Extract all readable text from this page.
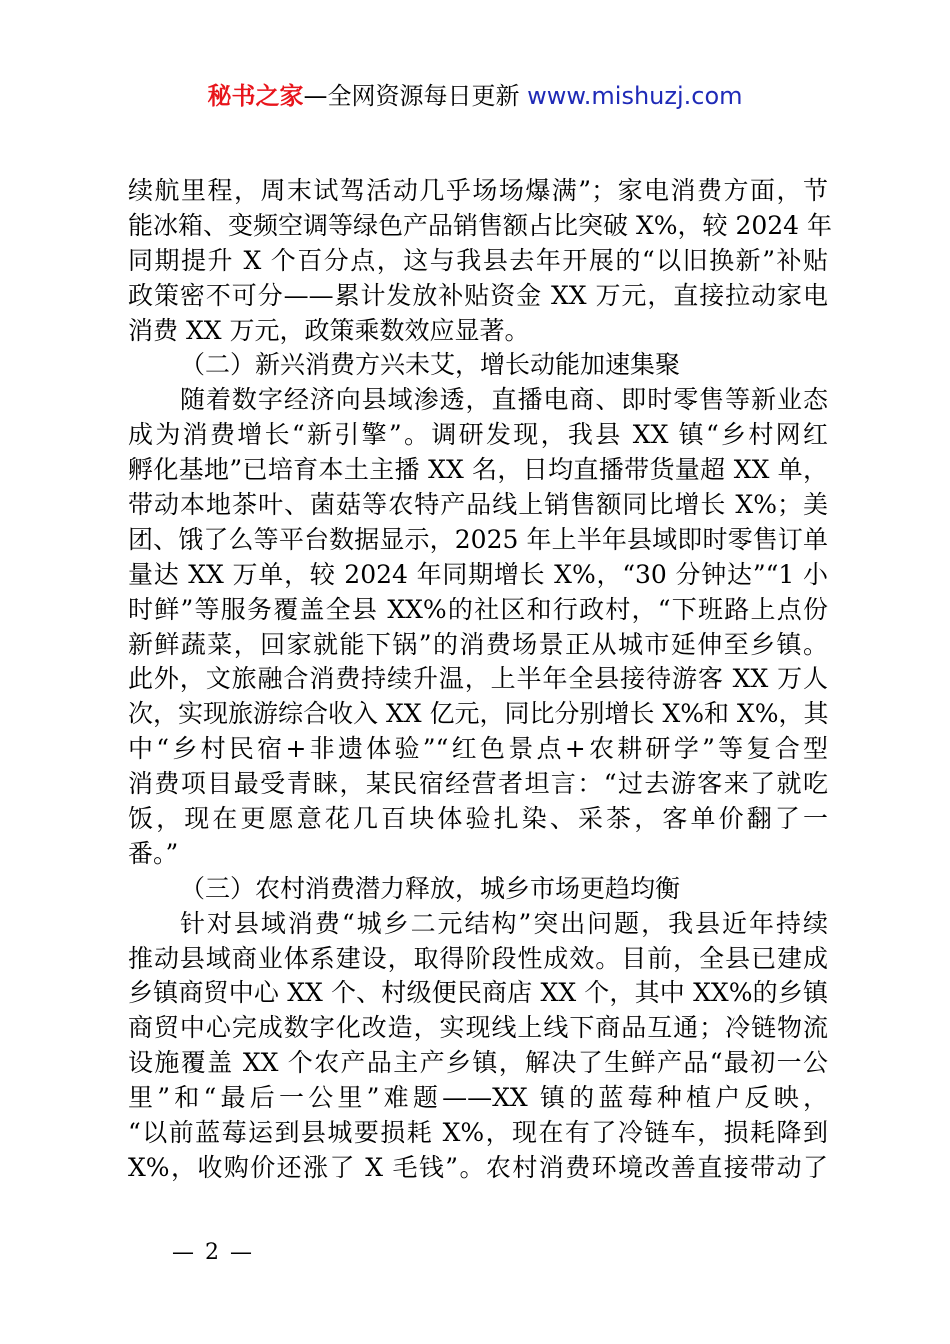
秘书之家—全网资源每日更新 www.mishuzj.com
续航里程，周末试驾活动几乎场场爆满”；家电消费方面，节
能冰箱、变频空调等绿色产品销售额占比突破 X%，较 2024 年
同期提升 X 个百分点，这与我县去年开展的“以旧换新”补贴
政策密不可分——累计发放补贴资金 XX 万元，直接拉动家电
消费 XX 万元，政策乘数效应显著。
（二）新兴消费方兴未艾，增长动能加速集聚
随着数字经济向县域渗透，直播电商、即时零售等新业态
成为消费增长“新引擎”。调研发现，我县 XX 镇“乡村网红
孵化基地”已培育本土主播 XX 名，日均直播带货量超 XX 单，
带动本地茶叶、菌菇等农特产品线上销售额同比增长 X%；美
团、饿了么等平台数据显示，2025 年上半年县域即时零售订单
量达 XX 万单，较 2024 年同期增长 X%，“30 分钟达”“1 小
时鲜”等服务覆盖全县 XX%的社区和行政村，“下班路上点份
新鲜蔬菜，回家就能下锅”的消费场景正从城市延伸至乡镇。
此外，文旅融合消费持续升温，上半年全县接待游客 XX 万人
次，实现旅游综合收入 XX 亿元，同比分别增长 X%和 X%，其
中“乡村民宿+非遗体验”“红色景点+农耕研学”等复合型
消费项目最受青睐，某民宿经营者坦言：“过去游客来了就吃
饭，现在更愿意花几百块体验扎染、采茶，客单价翻了一
番。”
（三）农村消费潜力释放，城乡市场更趋均衡
针对县域消费“城乡二元结构”突出问题，我县近年持续
推动县域商业体系建设，取得阶段性成效。目前，全县已建成
乡镇商贸中心 XX 个、村级便民商店 XX 个，其中 XX%的乡镇
商贸中心完成数字化改造，实现线上线下商品互通；冷链物流
设施覆盖 XX 个农产品主产乡镇，解决了生鲜产品“最初一公
里”和“最后一公里”难题——XX 镇的蓝莓种植户反映，
“以前蓝莓运到县城要损耗 X%，现在有了冷链车，损耗降到
X%，收购价还涨了 X 毛钱”。农村消费环境改善直接带动了
— 2 —
